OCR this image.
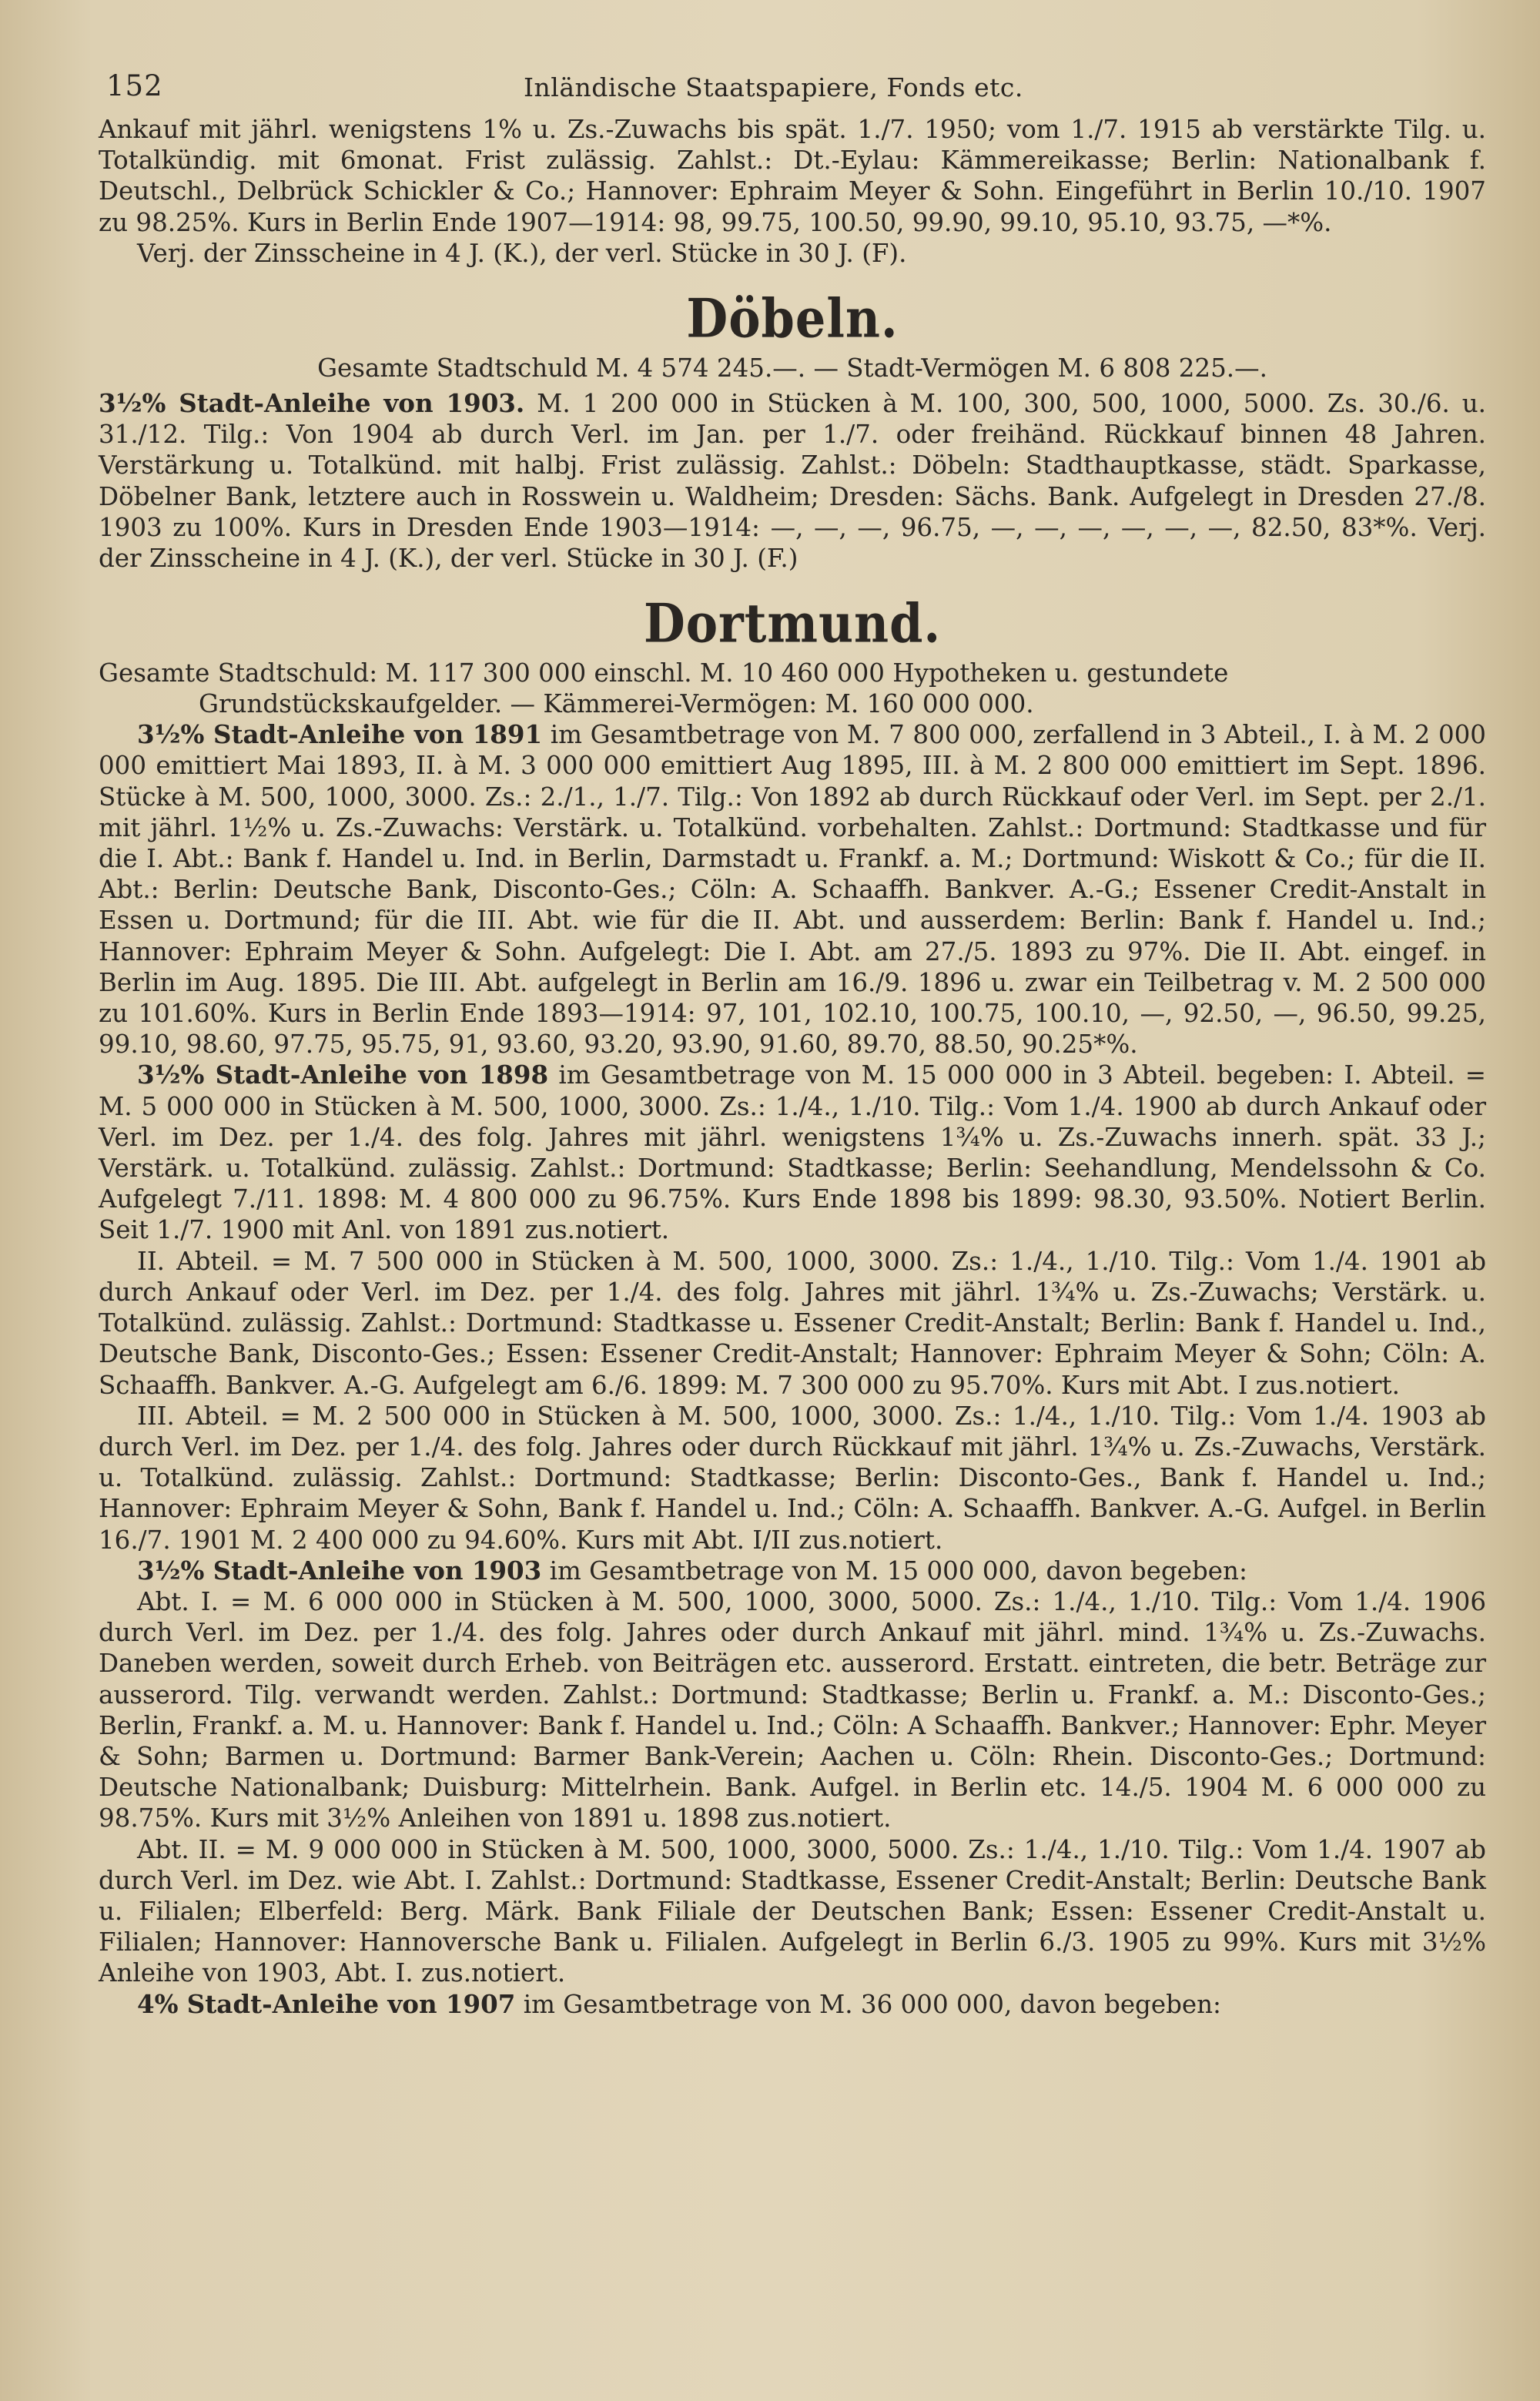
152	Inländische Staatspapiere, Fonds etc.

Ankauf mit jährl. wenigstens 1% u. Zs.-Zuwachs bis spät. 1./7. 1950; vom 1./7. 1915 ab verstärkte Tilg. u. Totalkündig. mit 6monat. Frist zulässig. Zahlst.: Dt.-Eylau: Kämmereikasse; Berlin: Nationalbank f. Deutschl., Delbrück Schickler & Co.; Hannover: Ephraim Meyer & Sohn. Eingeführt in Berlin 10./10. 1907 zu 98.25%. Kurs in Berlin Ende 1907—1914: 98, 99.75, 100.50, 99.90, 99.10, 95.10, 93.75, —*%.

Verj. der Zinsscheine in 4 J. (K.), der verl. Stücke in 30 J. (F).

Döbeln.

Gesamte Stadtschuld M. 4 574 245.—. — Stadt-Vermögen M. 6 808 225.—.

3½% Stadt-Anleihe von 1903. M. 1 200 000 in Stücken à M. 100, 300, 500, 1000, 5000. Zs. 30./6. u. 31./12. Tilg.: Von 1904 ab durch Verl. im Jan. per 1./7. oder freihänd. Rückkauf binnen 48 Jahren. Verstärkung u. Totalkünd. mit halbj. Frist zulässig. Zahlst.: Döbeln: Stadthauptkasse, städt. Sparkasse, Döbelner Bank, letztere auch in Rosswein u. Waldheim; Dresden: Sächs. Bank. Aufgelegt in Dresden 27./8. 1903 zu 100%. Kurs in Dresden Ende 1903—1914: —, —, —, 96.75, —, —, —, —, —, —, 82.50, 83*%. Verj. der Zinsscheine in 4 J. (K.), der verl. Stücke in 30 J. (F.)

Dortmund.
Gesamte Stadtschuld: M. 117 300 000 einschl. M. 10 460 000 Hypotheken u. gestundete
Grundstückskaufgelder. — Kämmerei-Vermögen: M. 160 000 000.

3½% Stadt-Anleihe von 1891 im Gesamtbetrage von M. 7 800 000, zerfallend in 3 Abteil., I. à M. 2 000 000 emittiert Mai 1893, II. à M. 3 000 000 emittiert Aug 1895, III. à M. 2 800 000 emittiert im Sept. 1896. Stücke à M. 500, 1000, 3000. Zs.: 2./1., 1./7. Tilg.: Von 1892 ab durch Rückkauf oder Verl. im Sept. per 2./1. mit jährl. 1½% u. Zs.-Zuwachs: Verstärk. u. Totalkünd. vorbehalten. Zahlst.: Dortmund: Stadtkasse und für die I. Abt.: Bank f. Handel u. Ind. in Berlin, Darmstadt u. Frankf. a. M.; Dortmund: Wiskott & Co.; für die II. Abt.: Berlin: Deutsche Bank, Disconto-Ges.; Cöln: A. Schaaffh. Bankver. A.-G.; Essener Credit-Anstalt in Essen u. Dortmund; für die III. Abt. wie für die II. Abt. und ausserdem: Berlin: Bank f. Handel u. Ind.; Hannover: Ephraim Meyer & Sohn. Aufgelegt: Die I. Abt. am 27./5. 1893 zu 97%. Die II. Abt. eingef. in Berlin im Aug. 1895. Die III. Abt. aufgelegt in Berlin am 16./9. 1896 u. zwar ein Teilbetrag v. M. 2 500 000 zu 101.60%. Kurs in Berlin Ende 1893—1914: 97, 101, 102.10, 100.75, 100.10, —, 92.50, —, 96.50, 99.25, 99.10, 98.60, 97.75, 95.75, 91, 93.60, 93.20, 93.90, 91.60, 89.70, 88.50, 90.25*%.

3½% Stadt-Anleihe von 1898 im Gesamtbetrage von M. 15 000 000 in 3 Abteil. begeben: I. Abteil. = M. 5 000 000 in Stücken à M. 500, 1000, 3000. Zs.: 1./4., 1./10. Tilg.: Vom 1./4. 1900 ab durch Ankauf oder Verl. im Dez. per 1./4. des folg. Jahres mit jährl. wenigstens 1¾% u. Zs.-Zuwachs innerh. spät. 33 J.; Verstärk. u. Totalkünd. zulässig. Zahlst.: Dortmund: Stadtkasse; Berlin: Seehandlung, Mendelssohn & Co. Aufgelegt 7./11. 1898: M. 4 800 000 zu 96.75%. Kurs Ende 1898 bis 1899: 98.30, 93.50%. Notiert Berlin. Seit 1./7. 1900 mit Anl. von 1891 zus.notiert.

II. Abteil. = M. 7 500 000 in Stücken à M. 500, 1000, 3000. Zs.: 1./4., 1./10. Tilg.: Vom 1./4. 1901 ab durch Ankauf oder Verl. im Dez. per 1./4. des folg. Jahres mit jährl. 1¾% u. Zs.-Zuwachs; Verstärk. u. Totalkünd. zulässig. Zahlst.: Dortmund: Stadtkasse u. Essener Credit-Anstalt; Berlin: Bank f. Handel u. Ind., Deutsche Bank, Disconto-Ges.; Essen: Essener Credit-Anstalt; Hannover: Ephraim Meyer & Sohn; Cöln: A. Schaaffh. Bankver. A.-G. Aufgelegt am 6./6. 1899: M. 7 300 000 zu 95.70%. Kurs mit Abt. I zus.notiert.

III. Abteil. = M. 2 500 000 in Stücken à M. 500, 1000, 3000. Zs.: 1./4., 1./10. Tilg.: Vom 1./4. 1903 ab durch Verl. im Dez. per 1./4. des folg. Jahres oder durch Rückkauf mit jährl. 1¾% u. Zs.-Zuwachs, Verstärk. u. Totalkünd. zulässig. Zahlst.: Dortmund: Stadtkasse; Berlin: Disconto-Ges., Bank f. Handel u. Ind.; Hannover: Ephraim Meyer & Sohn, Bank f. Handel u. Ind.; Cöln: A. Schaaffh. Bankver. A.-G. Aufgel. in Berlin 16./7. 1901 M. 2 400 000 zu 94.60%. Kurs mit Abt. I/II zus.notiert.

3½% Stadt-Anleihe von 1903 im Gesamtbetrage von M. 15 000 000, davon begeben:

Abt. I. = M. 6 000 000 in Stücken à M. 500, 1000, 3000, 5000. Zs.: 1./4., 1./10. Tilg.: Vom 1./4. 1906 durch Verl. im Dez. per 1./4. des folg. Jahres oder durch Ankauf mit jährl. mind. 1¾% u. Zs.-Zuwachs. Daneben werden, soweit durch Erheb. von Beiträgen etc. ausserord. Erstatt. eintreten, die betr. Beträge zur ausserord. Tilg. verwandt werden. Zahlst.: Dortmund: Stadtkasse; Berlin u. Frankf. a. M.: Disconto-Ges.; Berlin, Frankf. a. M. u. Hannover: Bank f. Handel u. Ind.; Cöln: A Schaaffh. Bankver.; Hannover: Ephr. Meyer & Sohn; Barmen u. Dortmund: Barmer Bank-Verein; Aachen u. Cöln: Rhein. Disconto-Ges.; Dortmund: Deutsche Nationalbank; Duisburg: Mittelrhein. Bank. Aufgel. in Berlin etc. 14./5. 1904 M. 6 000 000 zu 98.75%. Kurs mit 3½% Anleihen von 1891 u. 1898 zus.notiert.

Abt. II. = M. 9 000 000 in Stücken à M. 500, 1000, 3000, 5000. Zs.: 1./4., 1./10. Tilg.: Vom 1./4. 1907 ab durch Verl. im Dez. wie Abt. I. Zahlst.: Dortmund: Stadtkasse, Essener Credit-Anstalt; Berlin: Deutsche Bank u. Filialen; Elberfeld: Berg. Märk. Bank Filiale der Deutschen Bank; Essen: Essener Credit-Anstalt u. Filialen; Hannover: Hannoversche Bank u. Filialen. Aufgelegt in Berlin 6./3. 1905 zu 99%. Kurs mit 3½% Anleihe von 1903, Abt. I. zus.notiert.

4% Stadt-Anleihe von 1907 im Gesamtbetrage von M. 36 000 000, davon begeben:
